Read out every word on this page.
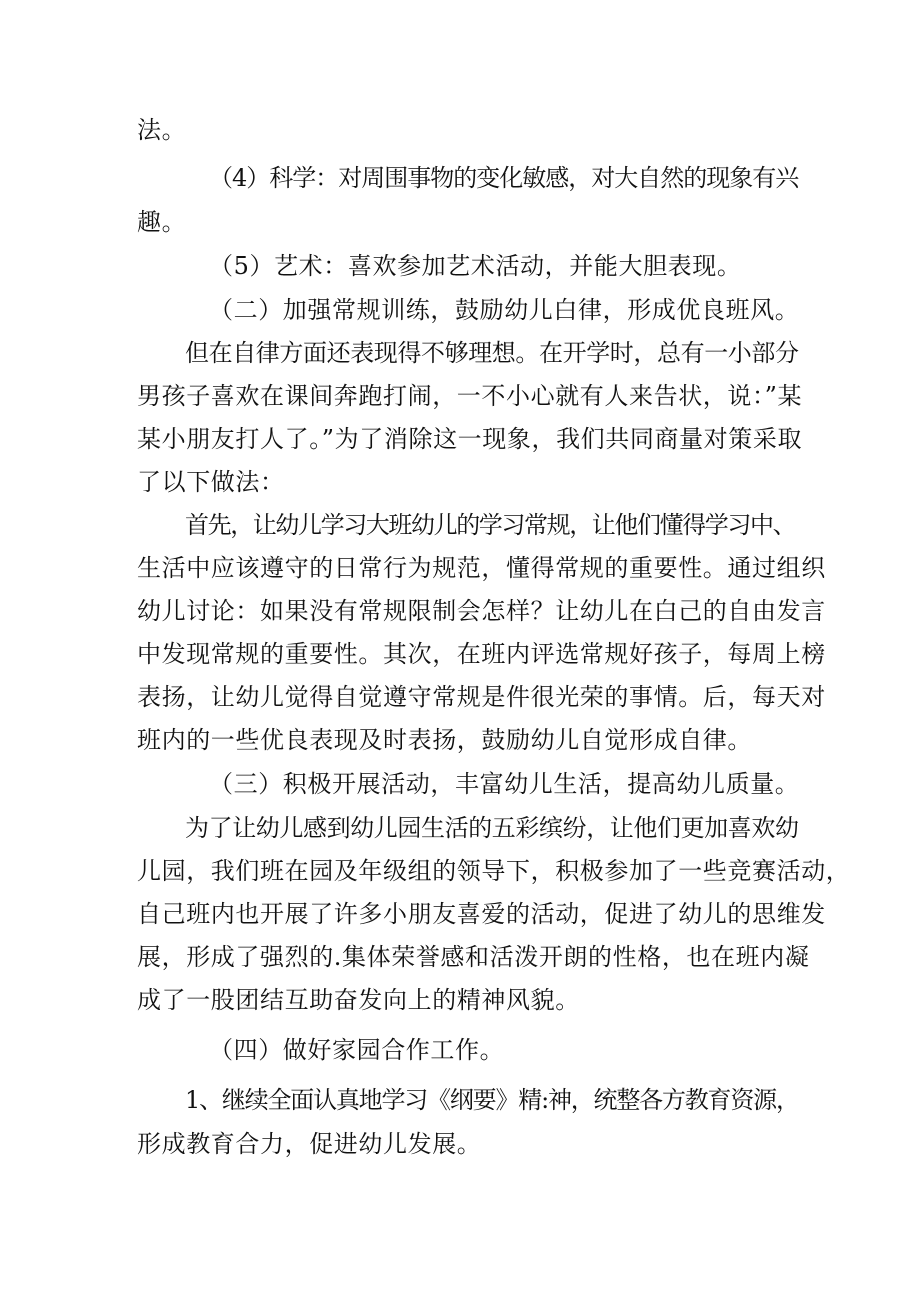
法。
（4）科学：对周围事物的变化敏感，对大自然的现象有兴
趣。
（5）艺术：喜欢参加艺术活动，并能大胆表现。
（二）加强常规训练，鼓励幼儿白律，形成优良班风。
但在自律方面还表现得不够理想。在开学时，总有一小部分
男孩子喜欢在课间奔跑打闹，一不小心就有人来告状，说：”某
某小朋友打人了。”为了消除这一现象，我们共同商量对策采取
了以下做法：
首先，让幼儿学习大班幼儿的学习常规，让他们懂得学习中、
生活中应该遵守的日常行为规范，懂得常规的重要性。通过组织
幼儿讨论：如果没有常规限制会怎样？让幼儿在白己的自由发言
中发现常规的重要性。其次，在班内评选常规好孩子，每周上榜
表扬，让幼儿觉得自觉遵守常规是件很光荣的事情。后，每天对
班内的一些优良表现及时表扬，鼓励幼儿自觉形成自律。
（三）积极开展活动，丰富幼儿生活，提高幼儿质量。
为了让幼儿感到幼儿园生活的五彩缤纷，让他们更加喜欢幼
儿园，我们班在园及年级组的领导下，积极参加了一些竞赛活动，
自己班内也开展了许多小朋友喜爱的活动，促进了幼儿的思维发
展，形成了强烈的.集体荣誉感和活泼开朗的性格，也在班内凝
成了一股团结互助奋发向上的精神风貌。
（四）做好家园合作工作。
1、继续全面认真地学习《纲要》精:神，统整各方教育资源，
形成教育合力，促进幼儿发展。
